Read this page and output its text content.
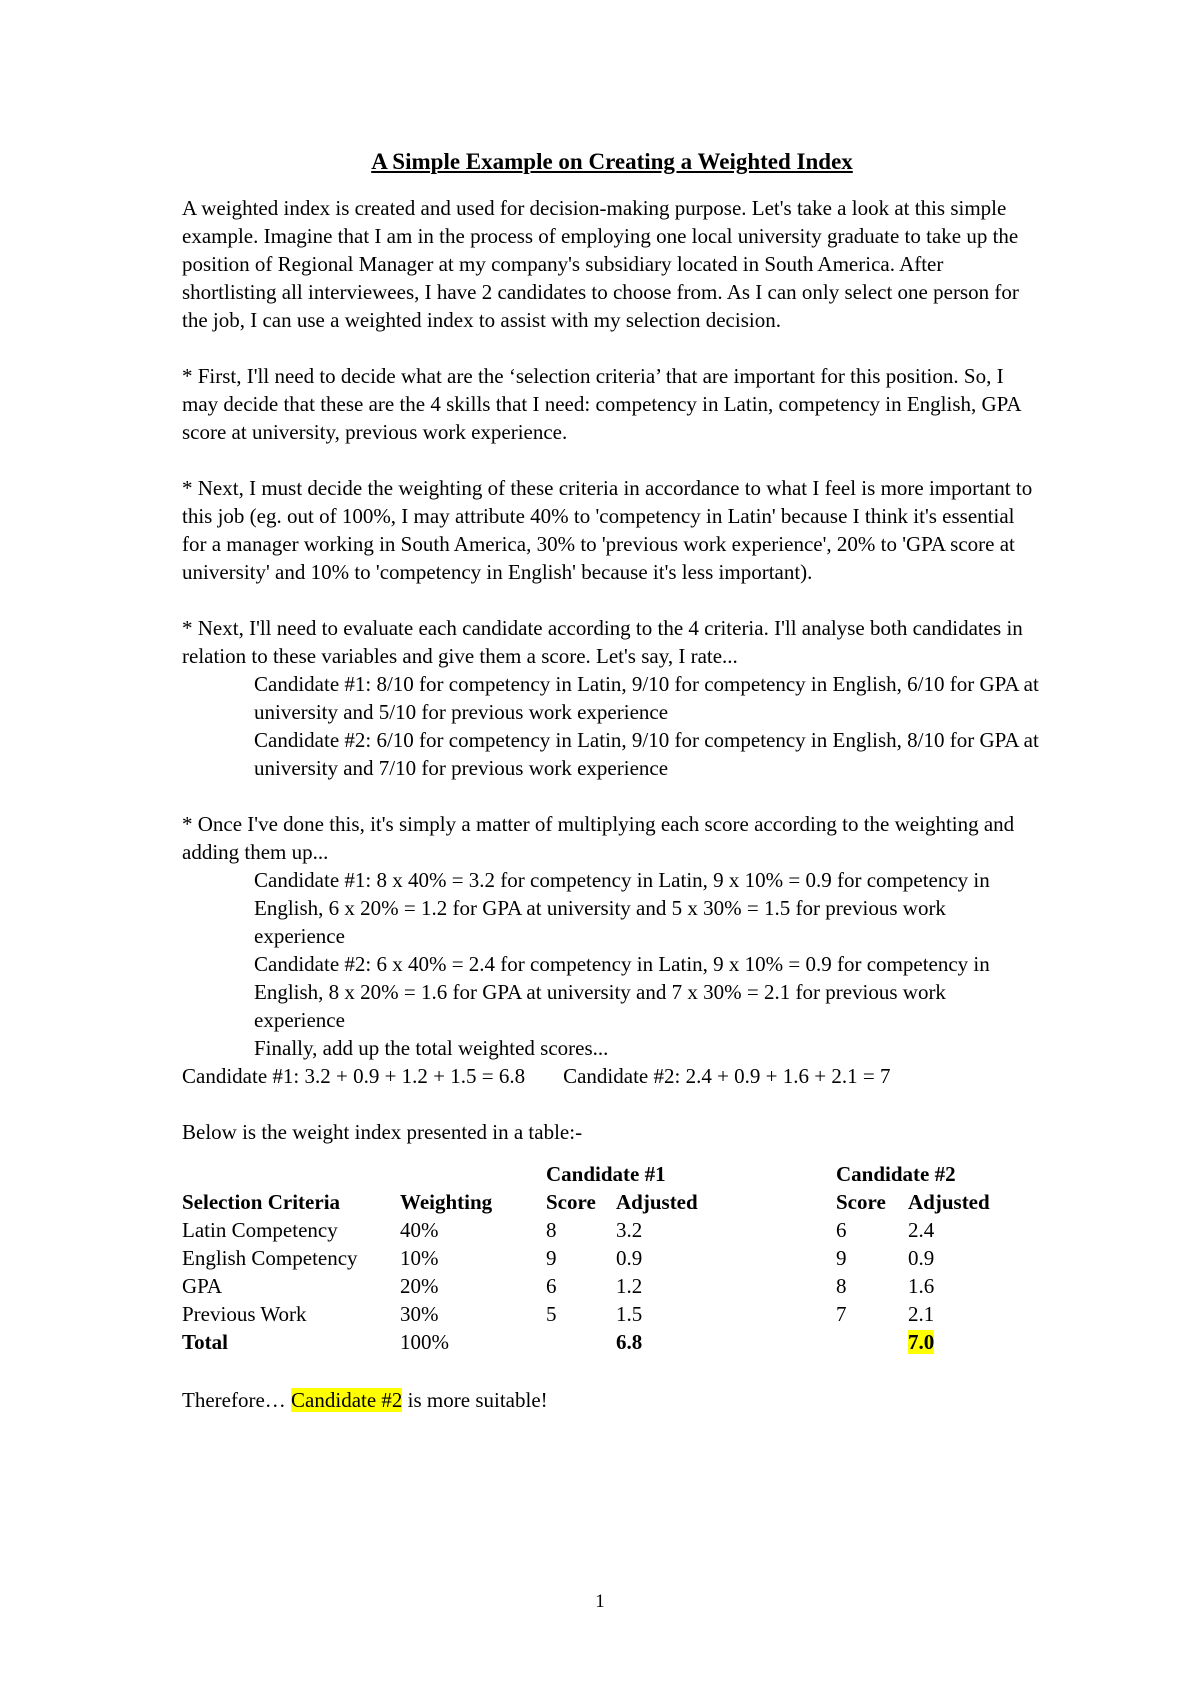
A Simple Example on Creating a Weighted Index

A weighted index is created and used for decision-making purpose. Let's take a look at this simple example. Imagine that I am in the process of employing one local university graduate to take up the position of Regional Manager at my company's subsidiary located in South America. After shortlisting all interviewees, I have 2 candidates to choose from. As I can only select one person for the job, I can use a weighted index to assist with my selection decision.

* First, I'll need to decide what are the ‘selection criteria’ that are important for this position. So, I may decide that these are the 4 skills that I need: competency in Latin, competency in English, GPA score at university, previous work experience.

* Next, I must decide the weighting of these criteria in accordance to what I feel is more important to this job (eg. out of 100%, I may attribute 40% to 'competency in Latin' because I think it's essential for a manager working in South America, 30% to 'previous work experience', 20% to 'GPA score at university' and 10% to 'competency in English' because it's less important).

* Next, I'll need to evaluate each candidate according to the 4 criteria. I'll analyse both candidates in relation to these variables and give them a score. Let's say, I rate...
Candidate #1: 8/10 for competency in Latin, 9/10 for competency in English, 6/10 for GPA at university and 5/10 for previous work experience
Candidate #2: 6/10 for competency in Latin, 9/10 for competency in English, 8/10 for GPA at university and 7/10 for previous work experience
* Once I've done this, it's simply a matter of multiplying each score according to the weighting and adding them up...
Candidate #1: 8 x 40% = 3.2 for competency in Latin, 9 x 10% = 0.9 for competency in English, 6 x 20% = 1.2 for GPA at university and 5 x 30% = 1.5 for previous work experience
Candidate #2: 6 x 40% = 2.4 for competency in Latin, 9 x 10% = 0.9 for competency in English, 8 x 20% = 1.6 for GPA at university and 7 x 30% = 2.1 for previous work experience
Finally, add up the total weighted scores...
Candidate #1: 3.2 + 0.9 + 1.2 + 1.5 = 6.8 Candidate #2: 2.4 + 0.9 + 1.6 + 2.1 = 7

Below is the weight index presented in a table:-

		Candidate #1		Candidate #2	
Selection Criteria	Weighting	Score	Adjusted	Score	Adjusted
Latin Competency	40%	8	3.2	6	2.4
English Competency	10%	9	0.9	9	0.9
GPA	20%	6	1.2	8	1.6
Previous Work	30%	5	1.5	7	2.1
Total	100%		6.8		7.0
Therefore… Candidate #2 is more suitable!
1
